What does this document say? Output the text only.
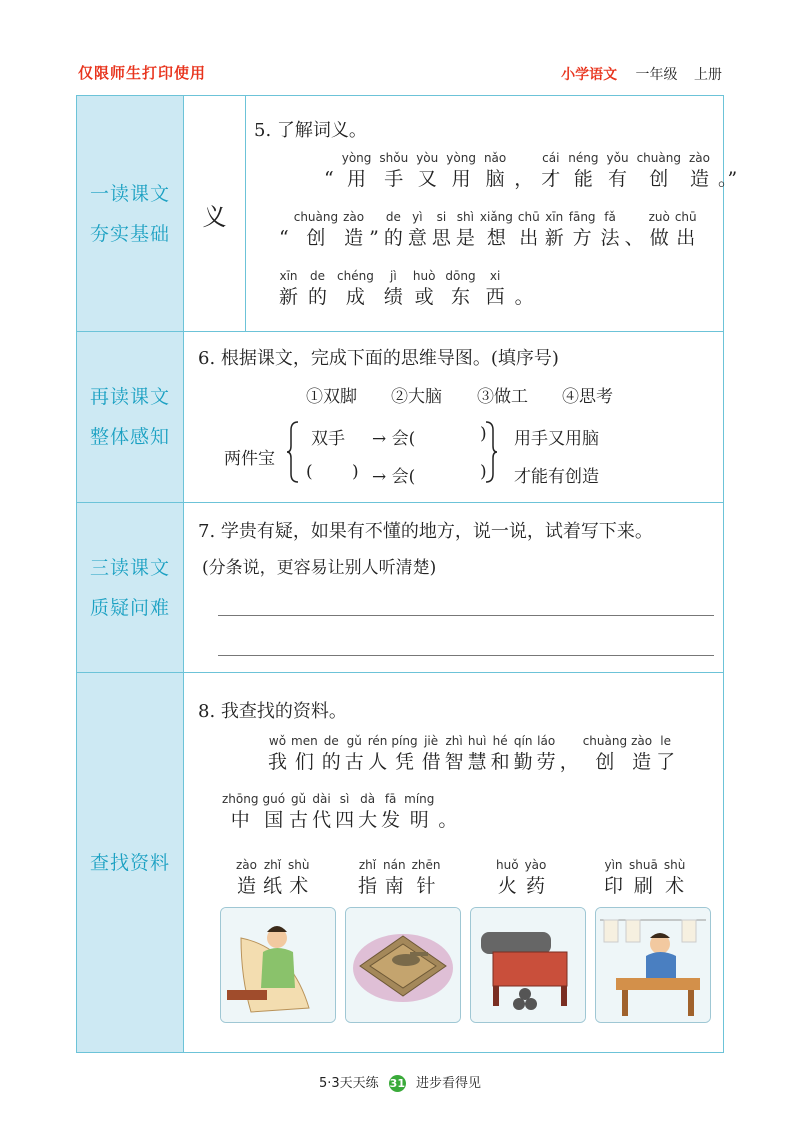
仅限师生打印使用	小学语文 一年级 上册
一读课文
夯实基础
义
5. 了解词义。
“
yòng
用
shǒu
手
yòu
又
yòng
用
nǎo
脑 ，
cái
才
néng
能
yǒu
有
chuàng
创
zào
造 。”
“
chuàng
创
zào
造 ”
de
的
yì
意
si
思
shì
是
xiǎng
想
chū
出
xīn
新
fāng
方
fǎ
法 、
zuò
做
chū
出
xīn
新
de
的
chéng
成
jì
绩
huò
或
dōng
东
xi
西 。
再读课文
整体感知
6. 根据课文，完成下面的思维导图。(填序号)
①双脚 ②大脑 ③做工 ④思考
两件宝
双手 → 会(	)
( ) → 会(	)
用手又用脑
才能有创造
三读课文
质疑问难
7. 学贵有疑，如果有不懂的地方，说一说，试着写下来。
(分条说，更容易让别人听清楚)
查找资料
8. 我查找的资料。
wǒ
我
men
们
de
的
gǔ
古
rén
人
píng
凭
jiè
借
zhì
智
huì
慧
hé
和
qín
勤
láo
劳 ，
chuàng
创
zào
造
le
了
zhōng
中
guó
国
gǔ
古
dài
代
sì
四
dà
大
fā
发
míng
明 。
zào
造
zhǐ
纸
shù
术
zhǐ
指
nán
南
zhēn
针
huǒ
火
yào
药
yìn
印
shuā
刷
shù
术
5·3天天练 31 进步看得见
